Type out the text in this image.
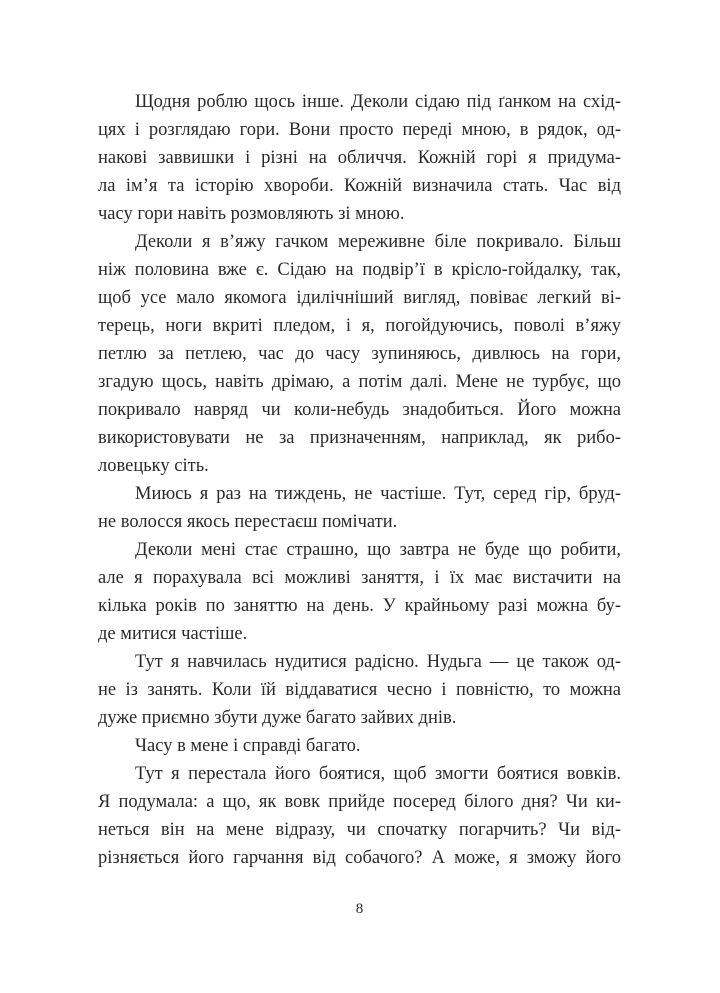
Щодня роблю щось інше. Деколи сідаю під ґанком на схід-
цях і розглядаю гори. Вони просто переді мною, в рядок, од-
накові заввишки і різні на обличчя. Кожній горі я придума-
ла ім’я та історію хвороби. Кожній визначила стать. Час від
часу гори навіть розмовляють зі мною.

Деколи я в’яжу гачком мереживне біле покривало. Більш
ніж половина вже є. Сідаю на подвір’ї в крісло-гойдалку, так,
щоб усе мало якомога ідилічніший вигляд, повіває легкий ві-
терець, ноги вкриті пледом, і я, погойдуючись, поволі в’яжу
петлю за петлею, час до часу зупиняюсь, дивлюсь на гори,
згадую щось, навіть дрімаю, а потім далі. Мене не турбує, що
покривало навряд чи коли-небудь знадобиться. Його можна
використовувати не за призначенням, наприклад, як рибо-
ловецьку сіть.

Миюсь я раз на тиждень, не частіше. Тут, серед гір, бруд-
не волосся якось перестаєш помічати.

Деколи мені стає страшно, що завтра не буде що робити,
але я порахувала всі можливі заняття, і їх має вистачити на
кілька років по заняттю на день. У крайньому разі можна бу-
де митися частіше.

Тут я навчилась нудитися радісно. Нудьга — це також од-
не із занять. Коли їй віддаватися чесно і повністю, то можна
дуже приємно збути дуже багато зайвих днів.

Часу в мене і справді багато.

Тут я перестала його боятися, щоб змогти боятися вовків.
Я подумала: а що, як вовк прийде посеред білого дня? Чи ки-
неться він на мене відразу, чи спочатку погарчить? Чи від-
різняється його гарчання від собачого? А може, я зможу його

8
